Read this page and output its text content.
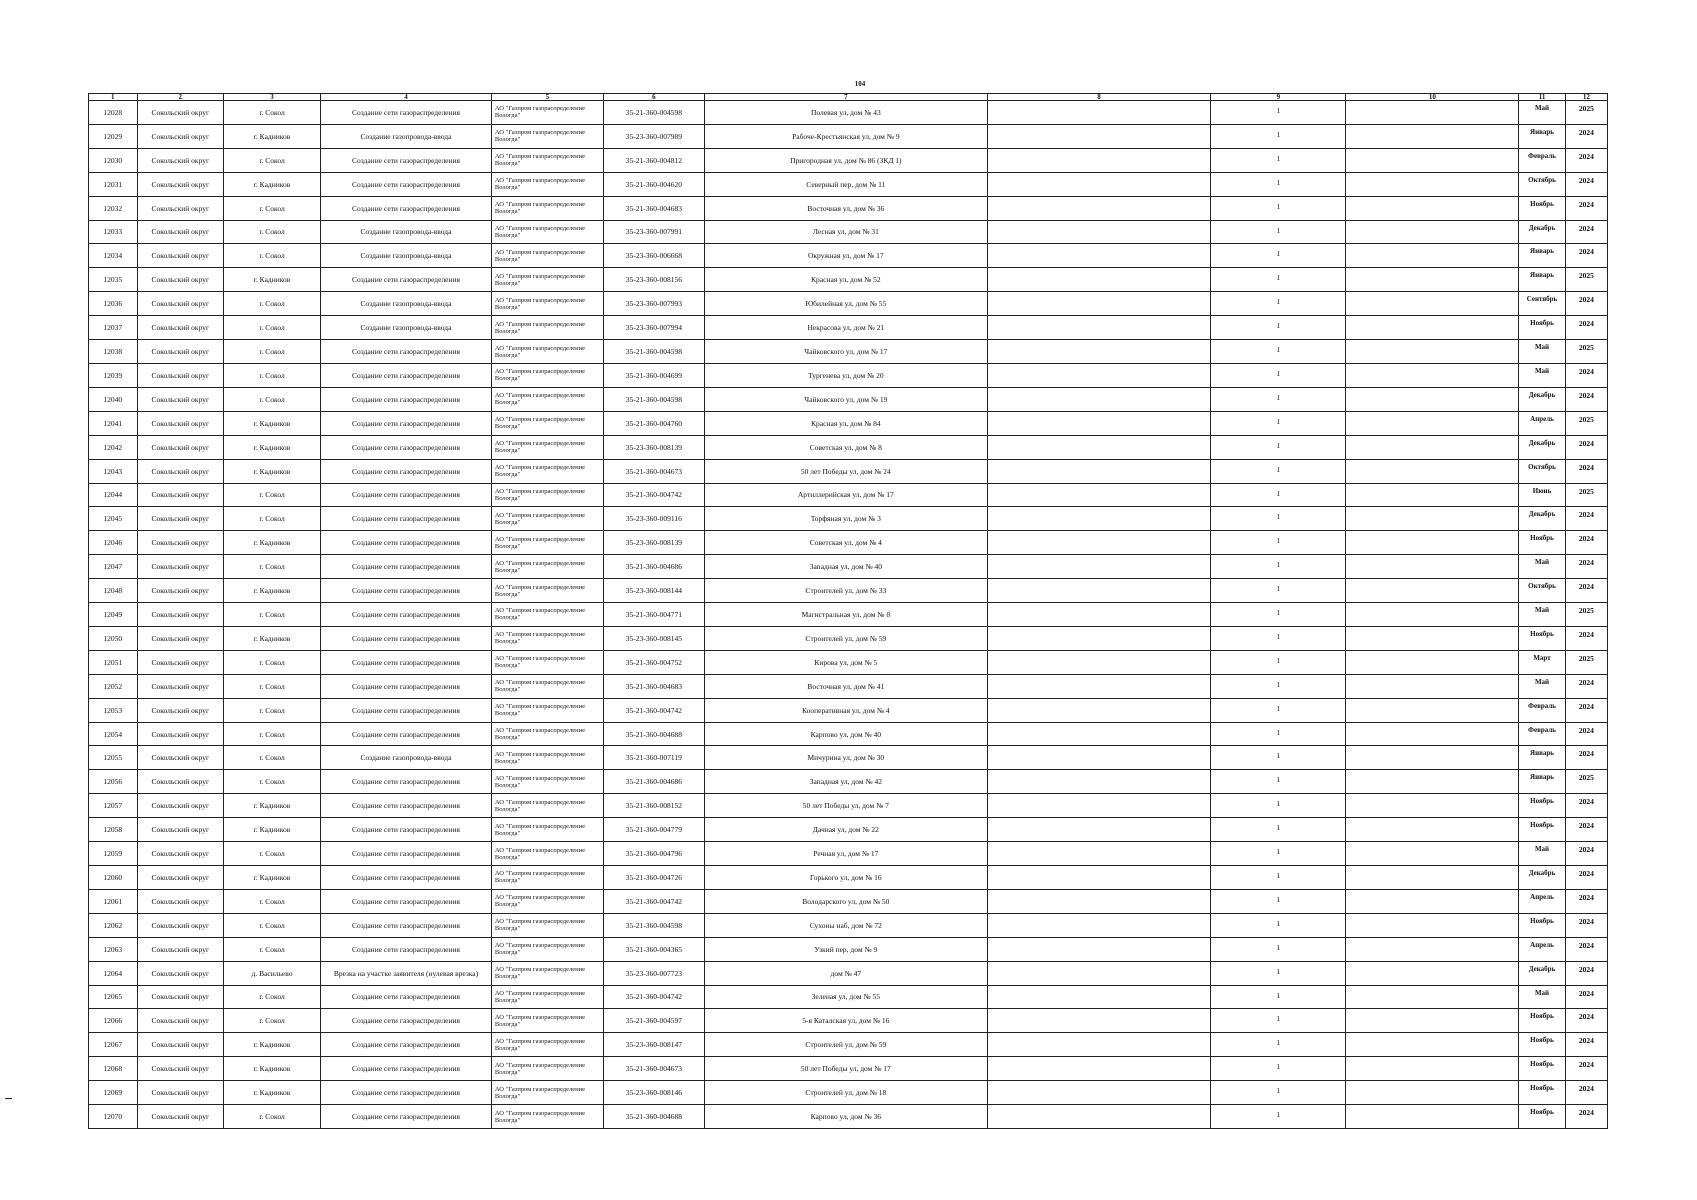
104
1	2	3	4	5	6	7	8	9	10	11	12
12028	Сокольский округ	г. Сокол	Создание сети газораспределения	АО "Газпром газораспределение Вологда"	35-21-360-004598	Полевая ул, дом № 43		1		Май	2025
12029	Сокольский округ	г. Кадников	Создание газопровода-ввода	АО "Газпром газораспределение Вологда"	35-23-360-007989	Рабоче-Крестьянская ул, дом № 9		1		Январь	2024
12030	Сокольский округ	г. Сокол	Создание сети газораспределения	АО "Газпром газораспределение Вологда"	35-21-360-004812	Пригородная ул, дом № 86 (ЗКД 1)		1		Февраль	2024
12031	Сокольский округ	г. Кадников	Создание сети газораспределения	АО "Газпром газораспределение Вологда"	35-21-360-004620	Северный пер, дом № 11		1		Октябрь	2024
12032	Сокольский округ	г. Сокол	Создание сети газораспределения	АО "Газпром газораспределение Вологда"	35-21-360-004683	Восточная ул, дом № 36		1		Ноябрь	2024
12033	Сокольский округ	г. Сокол	Создание газопровода-ввода	АО "Газпром газораспределение Вологда"	35-23-360-007991	Лесная ул, дом № 31		1		Декабрь	2024
12034	Сокольский округ	г. Сокол	Создание газопровода-ввода	АО "Газпром газораспределение Вологда"	35-23-360-006668	Окружная ул, дом № 17		1		Январь	2024
12035	Сокольский округ	г. Кадников	Создание сети газораспределения	АО "Газпром газораспределение Вологда"	35-23-360-008156	Красная ул, дом № 52		1		Январь	2025
12036	Сокольский округ	г. Сокол	Создание газопровода-ввода	АО "Газпром газораспределение Вологда"	35-23-360-007993	Юбилейная ул, дом № 55		1		Сентябрь	2024
12037	Сокольский округ	г. Сокол	Создание газопровода-ввода	АО "Газпром газораспределение Вологда"	35-23-360-007994	Некрасова ул, дом № 21		1		Ноябрь	2024
12038	Сокольский округ	г. Сокол	Создание сети газораспределения	АО "Газпром газораспределение Вологда"	35-21-360-004598	Чайковского ул, дом № 17		1		Май	2025
12039	Сокольский округ	г. Сокол	Создание сети газораспределения	АО "Газпром газораспределение Вологда"	35-21-360-004699	Тургенева ул, дом № 20		1		Май	2024
12040	Сокольский округ	г. Сокол	Создание сети газораспределения	АО "Газпром газораспределение Вологда"	35-21-360-004598	Чайковского ул, дом № 19		1		Декабрь	2024
12041	Сокольский округ	г. Кадников	Создание сети газораспределения	АО "Газпром газораспределение Вологда"	35-21-360-004760	Красная ул, дом № 84		1		Апрель	2025
12042	Сокольский округ	г. Кадников	Создание сети газораспределения	АО "Газпром газораспределение Вологда"	35-23-360-008139	Советская ул, дом № 8		1		Декабрь	2024
12043	Сокольский округ	г. Кадников	Создание сети газораспределения	АО "Газпром газораспределение Вологда"	35-21-360-004673	50 лет Победы ул, дом № 24		1		Октябрь	2024
12044	Сокольский округ	г. Сокол	Создание сети газораспределения	АО "Газпром газораспределение Вологда"	35-21-360-004742	Артиллерийская ул, дом № 17		1		Июнь	2025
12045	Сокольский округ	г. Сокол	Создание сети газораспределения	АО "Газпром газораспределение Вологда"	35-23-360-009116	Торфяная ул, дом № 3		1		Декабрь	2024
12046	Сокольский округ	г. Кадников	Создание сети газораспределения	АО "Газпром газораспределение Вологда"	35-23-360-008139	Советская ул, дом № 4		1		Ноябрь	2024
12047	Сокольский округ	г. Сокол	Создание сети газораспределения	АО "Газпром газораспределение Вологда"	35-21-360-004686	Западная ул, дом № 40		1		Май	2024
12048	Сокольский округ	г. Кадников	Создание сети газораспределения	АО "Газпром газораспределение Вологда"	35-23-360-008144	Строителей ул, дом № 33		1		Октябрь	2024
12049	Сокольский округ	г. Сокол	Создание сети газораспределения	АО "Газпром газораспределение Вологда"	35-21-360-004771	Магистральная ул, дом № 8		1		Май	2025
12050	Сокольский округ	г. Кадников	Создание сети газораспределения	АО "Газпром газораспределение Вологда"	35-23-360-008145	Строителей ул, дом № 59		1		Ноябрь	2024
12051	Сокольский округ	г. Сокол	Создание сети газораспределения	АО "Газпром газораспределение Вологда"	35-21-360-004752	Кирова ул, дом № 5		1		Март	2025
12052	Сокольский округ	г. Сокол	Создание сети газораспределения	АО "Газпром газораспределение Вологда"	35-21-360-004683	Восточная ул, дом № 41		1		Май	2024
12053	Сокольский округ	г. Сокол	Создание сети газораспределения	АО "Газпром газораспределение Вологда"	35-21-360-004742	Кооперативная ул, дом № 4		1		Февраль	2024
12054	Сокольский округ	г. Сокол	Создание сети газораспределения	АО "Газпром газораспределение Вологда"	35-21-360-004688	Карпово ул, дом № 40		1		Февраль	2024
12055	Сокольский округ	г. Сокол	Создание газопровода-ввода	АО "Газпром газораспределение Вологда"	35-21-360-007119	Мичурина ул, дом № 30		1		Январь	2024
12056	Сокольский округ	г. Сокол	Создание сети газораспределения	АО "Газпром газораспределение Вологда"	35-21-360-004686	Западная ул, дом № 42		1		Январь	2025
12057	Сокольский округ	г. Кадников	Создание сети газораспределения	АО "Газпром газораспределение Вологда"	35-21-360-008152	50 лет Победы ул, дом № 7		1		Ноябрь	2024
12058	Сокольский округ	г. Кадников	Создание сети газораспределения	АО "Газпром газораспределение Вологда"	35-21-360-004779	Дачная ул, дом № 22		1		Ноябрь	2024
12059	Сокольский округ	г. Сокол	Создание сети газораспределения	АО "Газпром газораспределение Вологда"	35-21-360-004796	Речная ул, дом № 17		1		Май	2024
12060	Сокольский округ	г. Кадников	Создание сети газораспределения	АО "Газпром газораспределение Вологда"	35-21-360-004726	Горького ул, дом № 16		1		Декабрь	2024
12061	Сокольский округ	г. Сокол	Создание сети газораспределения	АО "Газпром газораспределение Вологда"	35-21-360-004742	Володарского ул, дом № 50		1		Апрель	2024
12062	Сокольский округ	г. Сокол	Создание сети газораспределения	АО "Газпром газораспределение Вологда"	35-21-360-004598	Сухоны наб, дом № 72		1		Ноябрь	2024
12063	Сокольский округ	г. Сокол	Создание сети газораспределения	АО "Газпром газораспределение Вологда"	35-21-360-004365	Узкий пер, дом № 9		1		Апрель	2024
12064	Сокольский округ	д. Васильево	Врезка на участке заявителя (нулевая врезка)	АО "Газпром газораспределение Вологда"	35-23-360-007723	дом № 47		1		Декабрь	2024
12065	Сокольский округ	г. Сокол	Создание сети газораспределения	АО "Газпром газораспределение Вологда"	35-21-360-004742	Зеленая ул, дом № 55		1		Май	2024
12066	Сокольский округ	г. Сокол	Создание сети газораспределения	АО "Газпром газораспределение Вологда"	35-21-360-004597	5-я Каталская ул, дом № 16		1		Ноябрь	2024
12067	Сокольский округ	г. Кадников	Создание сети газораспределения	АО "Газпром газораспределение Вологда"	35-23-360-008147	Строителей ул, дом № 59		1		Ноябрь	2024
12068	Сокольский округ	г. Кадников	Создание сети газораспределения	АО "Газпром газораспределение Вологда"	35-21-360-004673	50 лет Победы ул, дом № 17		1		Ноябрь	2024
12069	Сокольский округ	г. Кадников	Создание сети газораспределения	АО "Газпром газораспределение Вологда"	35-23-360-008146	Строителей ул, дом № 18		1		Ноябрь	2024
12070	Сокольский округ	г. Сокол	Создание сети газораспределения	АО "Газпром газораспределение Вологда"	35-21-360-004688	Карпово ул, дом № 36		1		Ноябрь	2024
